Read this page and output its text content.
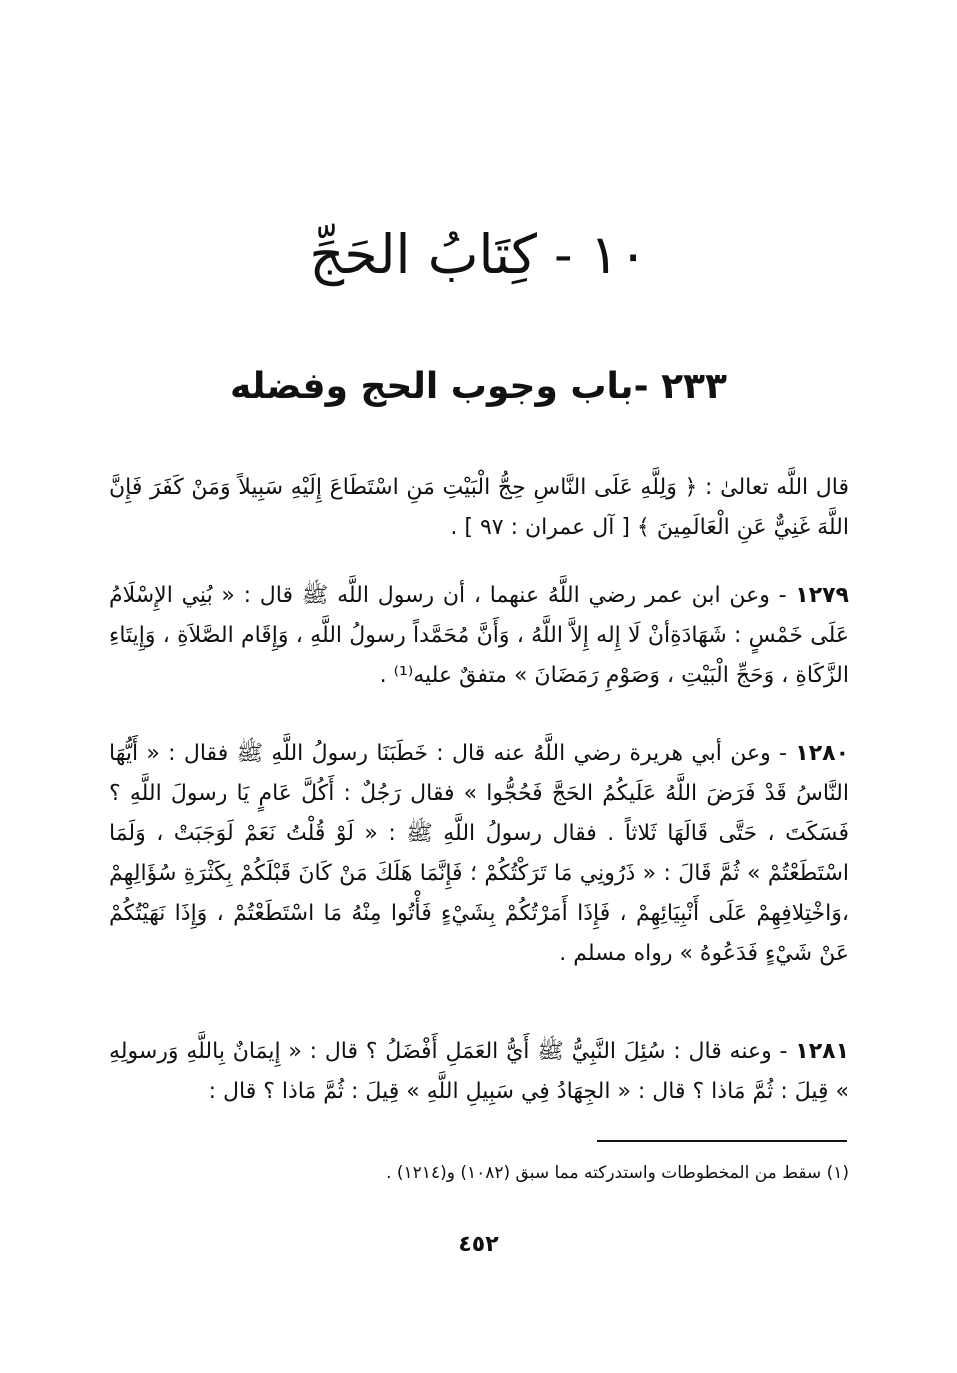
١٠ - كِتَابُ الحَجِّ
٢٣٣ -باب وجوب الحج وفضله

قال اللَّه تعالىٰ : ﴿ وَلِلَّهِ عَلَى النَّاسِ حِجُّ الْبَيْتِ مَنِ اسْتَطَاعَ إِلَيْهِ سَبِيلاً وَمَنْ كَفَرَ فَإِنَّ اللَّهَ غَنِيٌّ عَنِ الْعَالَمِينَ ﴾ [ آل عمران : ٩٧ ] .

١٢٧٩ - وعن ابن عمر رضي اللَّهُ عنهما ، أن رسول اللَّه ﷺ قال : « بُنِي الإِسْلَامُ عَلَى خَمْسٍ : شَهَادَةِأنْ لَا إِله إِلاَّ اللَّهُ ، وَأَنَّ مُحَمَّداً رسولُ اللَّهِ ، وَإِقَام الصَّلاَةِ ، وَإِيتَاءِ الزَّكَاةِ ، وَحَجِّ الْبَيْتِ ، وَصَوْمِ رَمَضَانَ » متفقٌ عليه⁽¹⁾ .

١٢٨٠ - وعن أبي هريرة رضي اللَّهُ عنه قال : خَطَبَنَا رسولُ اللَّهِ ﷺ فقال : « أَيُّهَا النَّاسُ قَدْ فَرَضَ اللَّهُ عَلَيكُمُ الحَجَّ فَحُجُّوا » فقال رَجُلٌ : أَكُلَّ عَامٍ يَا رسولَ اللَّهِ ؟ فَسَكَتَ ، حَتَّى قَالَهَا ثَلاثاً . فقال رسولُ اللَّهِ ﷺ : « لَوْ قُلْتُ نَعَمْ لَوَجَبَتْ ، وَلَمَا اسْتَطَعْتُمْ » ثُمَّ قَالَ : « ذَرُونِي مَا تَرَكْتُكُمْ ؛ فَإِنَّمَا هَلَكَ مَنْ كَانَ قَبْلَكُمْ بِكَثْرَةِ سُؤَالِهِمْ ،وَاخْتِلافِهِمْ عَلَى أَنْبِيَائِهِمْ ، فَإِذَا أَمَرْتُكُمْ بِشَيْءٍ فَأْتُوا مِنْهُ مَا اسْتَطَعْتُمْ ، وَإِذَا نَهَيْتُكُمْ عَنْ شَيْءٍ فَدَعُوهُ » رواه مسلم .

١٢٨١ - وعنه قال : سُئِلَ النَّبِيُّ ﷺ أَيُّ العَمَلِ أَفْضَلُ ؟ قال : « إِيمَانٌ بِاللَّهِ وَرسولِهِ » قِيلَ : ثُمَّ مَاذا ؟ قال : « الجِهَادُ فِي سَبِيلِ اللَّهِ » قِيلَ : ثُمَّ مَاذا ؟ قال :

(١) سقط من المخطوطات واستدركته مما سبق (١٠٨٢) و(١٢١٤) .
٤٥٢
